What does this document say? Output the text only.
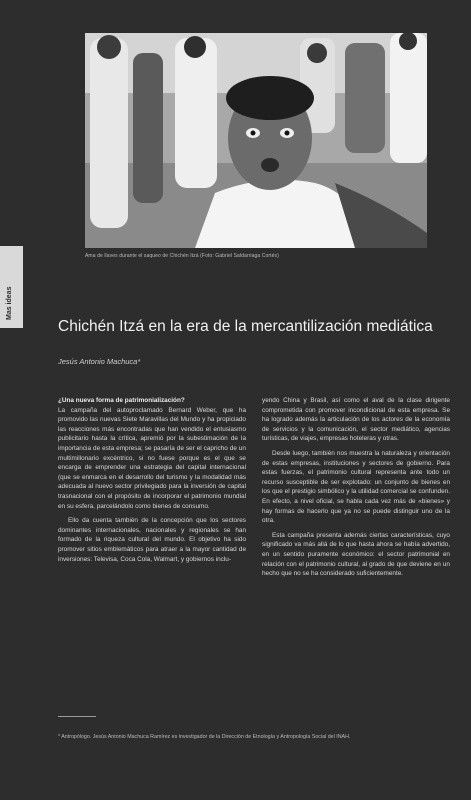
Ama de llaves durante el saqueo de Chichén Itzá (Foto: Gabriel Saldarriaga Cortés)
Mas ideas
Chichén Itzá en la era de la mercantilización mediática
Jesús Antonio Machuca*

¿Una nueva forma de patrimonialización?

La campaña del autoproclamado Bernard Weber, que ha promovido las nuevas Siete Maravillas del Mundo y ha propiciado las reacciones más encontradas que han vendido el entusiasmo publicitario hasta la crítica, apremió por la subestimación de la importancia de esta empresa; se pasaría de ser el capricho de un multimillonario excéntrico, si no fuese porque es el que se encarga de emprender una estrategia del capital internacional (que se enmarca en el desarrollo del turismo y la modalidad más adecuada al nuevo sector privilegiado para la inversión de capital trasnacional con el propósito de incorporar el patrimonio mundial en su esfera, parcelándolo como bienes de consumo.

Ello da cuenta también de la concepción que los sectores dominantes internacionales, nacionales y regionales se han formado de la riqueza cultural del mundo. El objetivo ha sido promover sitios emblemáticos para atraer a la mayor cantidad de inversiones: Televisa, Coca Cola, Walmart, y gobiernos inclu-

yendo China y Brasil, así como el aval de la clase dirigente comprometida con promover incondicional de esta empresa. Se ha logrado además la articulación de los actores de la economía de servicios y la comunicación, el sector mediático, agencias turísticas, de viajes, empresas hoteleras y otras.

Desde luego, también nos muestra la naturaleza y orientación de estas empresas, instituciones y sectores de gobierno. Para estas fuerzas, el patrimonio cultural representa ante todo un recurso susceptible de ser explotado: un conjunto de bienes en los que el prestigio simbólico y la utilidad comercial se confunden. En efecto, a nivel oficial, se habla cada vez más de «bienes» y hay formas de hacerlo que ya no se puede distinguir uno de la otra.

Esta campaña presenta además ciertas características, cuyo significado va más allá de lo que hasta ahora se había advertido, en un sentido puramente económico: el sector patrimonial en relación con el patrimonio cultural, al grado de que deviene en un hecho que no se ha considerado suficientemente.

* Antropólogo. Jesús Antonio Machuca Ramírez es investigador de la Dirección de Etnología y Antropología Social del INAH.
